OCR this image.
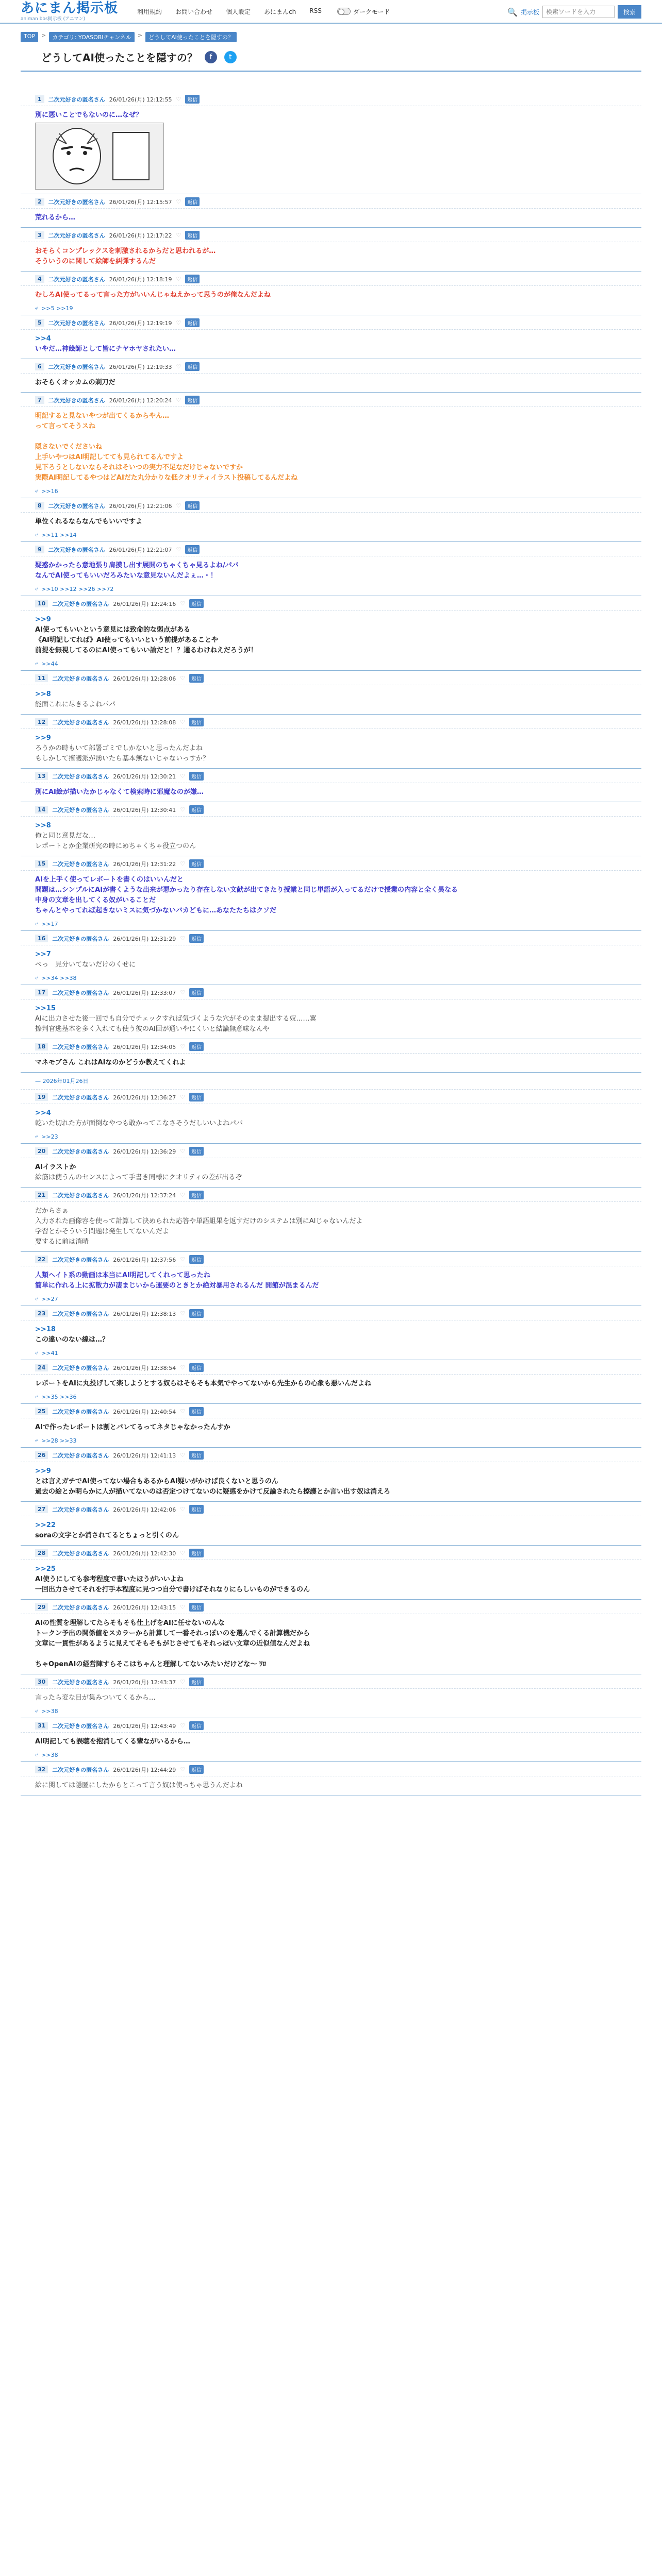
あにまん掲示板
animan bbs掲示板 (アニマン)
利用規約 お問い合わせ 個人設定 あにまんch RSS	ダークモード	🔍 掲示板
検索ワードを入力	検索
TOP	>	カテゴリ: YOASOBIチャンネル	>	どうしてAI使ったことを隠すの？
どうしてAI使ったことを隠すの？	f	t
1	二次元好きの匿名さん 26/01/26(月) 12:12:55 ♡	返信
別に悪いことでもないのに…なぜ？
2	二次元好きの匿名さん 26/01/26(月) 12:15:57 ♡	返信
荒れるから…
3	二次元好きの匿名さん 26/01/26(月) 12:17:22 ♡	返信
おそらくコンプレックスを刺激されるからだと思われるが…
そういうのに関して絵師を糾弾するんだ
4	二次元好きの匿名さん 26/01/26(月) 12:18:19 ♡	返信
むしろAI使ってるって言った方がいいんじゃねえかって思うのが俺なんだよね
⤶ >>5 >>19
5	二次元好きの匿名さん 26/01/26(月) 12:19:19 ♡	返信
>>4
いやだ…神絵師として皆にチヤホヤされたい…
6	二次元好きの匿名さん 26/01/26(月) 12:19:33 ♡	返信
おそらくオッカムの剃刀だ
7	二次元好きの匿名さん 26/01/26(月) 12:20:24 ♡	返信
明記すると見ないやつが出てくるからやん…
って言ってそうスね

隠さないでくださいね
上手いやつはAI明記してても見られてるんですよ
見下ろうとしないならそれはそいつの実力不足なだけじゃないですか
実際AI明記してるやつはどAIだた丸分かりな低クオリティイラスト投稿してるんだよね
⤶ >>16
8	二次元好きの匿名さん 26/01/26(月) 12:21:06 ♡	返信
単位くれるならなんでもいいですよ
⤶ >>11 >>14
9	二次元好きの匿名さん 26/01/26(月) 12:21:07 ♡	返信
疑惑かかったら意地張り肩摸し出す展開のちゃくちゃ見るよね/パパ
なんでAI使ってもいいだろみたいな意見ないんだよぇ…・！
⤶ >>10 >>12 >>26 >>72
10	二次元好きの匿名さん 26/01/26(月) 12:24:16 ♡	返信
>>9
AI使ってもいいという意見には致命的な弱点がある
《AI明記してれば》AI使ってもいいという前提があることや
前提を無視してるのにAI使ってもいい論だと！？通るわけねえだろうが！
⤶ >>44
11	二次元好きの匿名さん 26/01/26(月) 12:28:06 ♡	返信
>>8
能面これに尽きるよねパパ
12	二次元好きの匿名さん 26/01/26(月) 12:28:08 ♡	返信
>>9
ろうかの時もいて部署ゴミでしかないと思ったんだよね
もしかして擁護派が湧いたら基本無ないじゃないっすか？
13	二次元好きの匿名さん 26/01/26(月) 12:30:21 ♡	返信
別にAI絵が描いたかじゃなくて検索時に邪魔なのが嫌…
14	二次元好きの匿名さん 26/01/26(月) 12:30:41 ♡	返信
>>8
俺と同じ意見だな…
レポートとか企業研究の時にめちゃくちゃ役立つのん
15	二次元好きの匿名さん 26/01/26(月) 12:31:22 ♡	返信
AIを上手く使ってレポートを書くのはいいんだと
問題は…シンプルにAIが書くような出来が悪かったり存在しない文献が出てきたり授業と同じ単語が入ってるだけで授業の内容と全く異なる
中身の文章を出してくる奴がいることだ
ちゃんとやってれば起きないミスに気づかないバカどもに…あなたたちはクソだ
⤶ >>17
16	二次元好きの匿名さん 26/01/26(月) 12:31:29 ♡	返信
>>7
べっ　見分いてないだけのくせに
⤶ >>34 >>38
17	二次元好きの匿名さん 26/01/26(月) 12:33:07 ♡	返信
>>15
AIに出力させた後一回でも自分でチェックすれば気づくような穴がそのまま提出する奴……翼
擦判官逃基本を多く入れても使う彼のAI回が通いやにくいと結論無意味なんや
18	二次元好きの匿名さん 26/01/26(月) 12:34:05 ♡	返信
マネモブさん これはAIなのかどうか教えてくれよ
— 2026年01月26日
19	二次元好きの匿名さん 26/01/26(月) 12:36:27 ♡	返信
>>4
乾いた切れた方が面倒なやつも敢かってこなさそうだしいいよねパパ
⤶ >>23
20	二次元好きの匿名さん 26/01/26(月) 12:36:29 ♡	返信
AIイラストか
絵筋は使うんのセンスによって手書き同様にクオリティの差が出るぞ
21	二次元好きの匿名さん 26/01/26(月) 12:37:24 ♡	返信
だからさぁ
入力された画像容を使って計算して決められた応答や単語組果を返すだけのシステムは別にAIじゃないんだよ
学習とかそういう問題は発生してないんだよ
要するに前は消晴
22	二次元好きの匿名さん 26/01/26(月) 12:37:56 ♡	返信
人類ヘイト系の動画は本当にAI明記してくれって思ったね
簡単に作れる上に拡散力が凄まじいから運要のときとか絶対暴用されるんだ 開館が混まるんだ
⤶ >>27
23	二次元好きの匿名さん 26/01/26(月) 12:38:13 ♡	返信
>>18
この違いのない線は…？
⤶ >>41
24	二次元好きの匿名さん 26/01/26(月) 12:38:54 ♡	返信
レポートをAIに丸投げして楽しようとする奴らはそもそも本気でやってないから先生からの心象も悪いんだよね
⤶ >>35 >>36
25	二次元好きの匿名さん 26/01/26(月) 12:40:54 ♡	返信
AIで作ったレポートは割とバレてるってネタじゃなかったんすか
⤶ >>28 >>33
26	二次元好きの匿名さん 26/01/26(月) 12:41:13 ♡	返信
>>9
とは言えガチでAI使ってない場合もあるからAI疑いがかけば良くないと思うのん
過去の絵とか明らかに人が描いてないのは否定つけてないのに疑惑をかけて反論されたら擦護とか言い出す奴は消えろ
27	二次元好きの匿名さん 26/01/26(月) 12:42:06 ♡	返信
>>22
soraの文字とか消されてるとちょっと引くのん
28	二次元好きの匿名さん 26/01/26(月) 12:42:30 ♡	返信
>>25
AI使うにしても参考程度で書いたほうがいいよね
一回出力させてそれを打手本程度に見つつ自分で書けばそれなりにらしいものができるのん
29	二次元好きの匿名さん 26/01/26(月) 12:43:15 ♡	返信
AIの性質を理解してたらそもそも仕上げをAIに任せないのんな
トークン予出の関係値をスカラーから計算して一番それっぽいのを選んでくる計算機だから
文章に一貫性があるように見えてそもそもがじさせてもそれっぽい文章の近似値なんだよね

ちゃOpenAIの経営陣すらそこはちゃんと理解してないみたいだけどな～ ﾜﾛ
30	二次元好きの匿名さん 26/01/26(月) 12:43:37 ♡	返信
言ったら変な目が集みついてくるから…
⤶ >>38
31	二次元好きの匿名さん 26/01/26(月) 12:43:49 ♡	返信
AI明記しても誤聴を抱消してくる輩ながいるから…
⤶ >>38
32	二次元好きの匿名さん 26/01/26(月) 12:44:29 ♡	返信
絵に関しては隠匿にしたからとこって言う奴は使っちゃ思うんだよね
